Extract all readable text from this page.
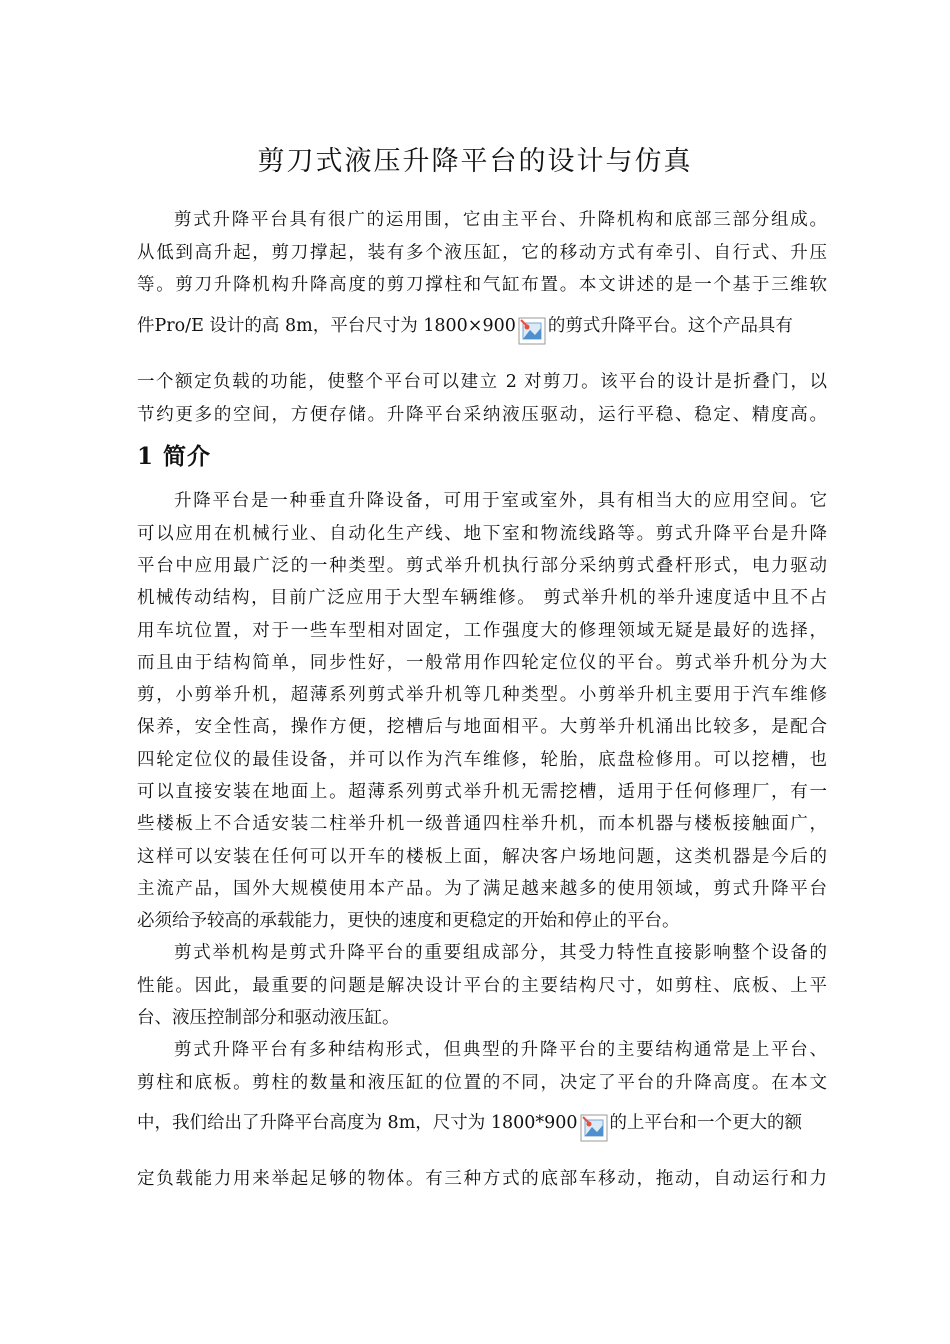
剪刀式液压升降平台的设计与仿真
剪式升降平台具有很广的运用围，它由主平台、升降机构和底部三部分组成。
从低到高升起，剪刀撑起，装有多个液压缸，它的移动方式有牵引、自行式、升压
等。剪刀升降机构升降高度的剪刀撑柱和气缸布置。本文讲述的是一个基于三维软
件Pro/E 设计的高 8m，平台尺寸为 1800×900 的剪式升降平台。这个产品具有
一个额定负载的功能，使整个平台可以建立 2 对剪刀。该平台的设计是折叠门，以
节约更多的空间，方便存储。升降平台采纳液压驱动，运行平稳、稳定、精度高。
1 简介
升降平台是一种垂直升降设备，可用于室或室外，具有相当大的应用空间。它
可以应用在机械行业、自动化生产线、地下室和物流线路等。剪式升降平台是升降
平台中应用最广泛的一种类型。剪式举升机执行部分采纳剪式叠杆形式，电力驱动
机械传动结构，目前广泛应用于大型车辆维修。 剪式举升机的举升速度适中且不占
用车坑位置，对于一些车型相对固定，工作强度大的修理领域无疑是最好的选择，
而且由于结构简单，同步性好，一般常用作四轮定位仪的平台。剪式举升机分为大
剪，小剪举升机，超薄系列剪式举升机等几种类型。小剪举升机主要用于汽车维修
保养，安全性高，操作方便，挖槽后与地面相平。大剪举升机涌出比较多，是配合
四轮定位仪的最佳设备，并可以作为汽车维修，轮胎，底盘检修用。可以挖槽，也
可以直接安装在地面上。超薄系列剪式举升机无需挖槽，适用于任何修理厂，有一
些楼板上不合适安装二柱举升机一级普通四柱举升机，而本机器与楼板接触面广，
这样可以安装在任何可以开车的楼板上面，解决客户场地问题，这类机器是今后的
主流产品，国外大规模使用本产品。为了满足越来越多的使用领域，剪式升降平台
必须给予较高的承载能力，更快的速度和更稳定的开始和停止的平台。
剪式举机构是剪式升降平台的重要组成部分，其受力特性直接影响整个设备的
性能。因此，最重要的问题是解决设计平台的主要结构尺寸，如剪柱、底板、上平
台、液压控制部分和驱动液压缸。
剪式升降平台有多种结构形式，但典型的升降平台的主要结构通常是上平台、
剪柱和底板。剪柱的数量和液压缸的位置的不同，决定了平台的升降高度。在本文
中，我们给出了升降平台高度为 8m，尺寸为 1800*900 的上平台和一个更大的额
定负载能力用来举起足够的物体。有三种方式的底部车移动，拖动，自动运行和力
